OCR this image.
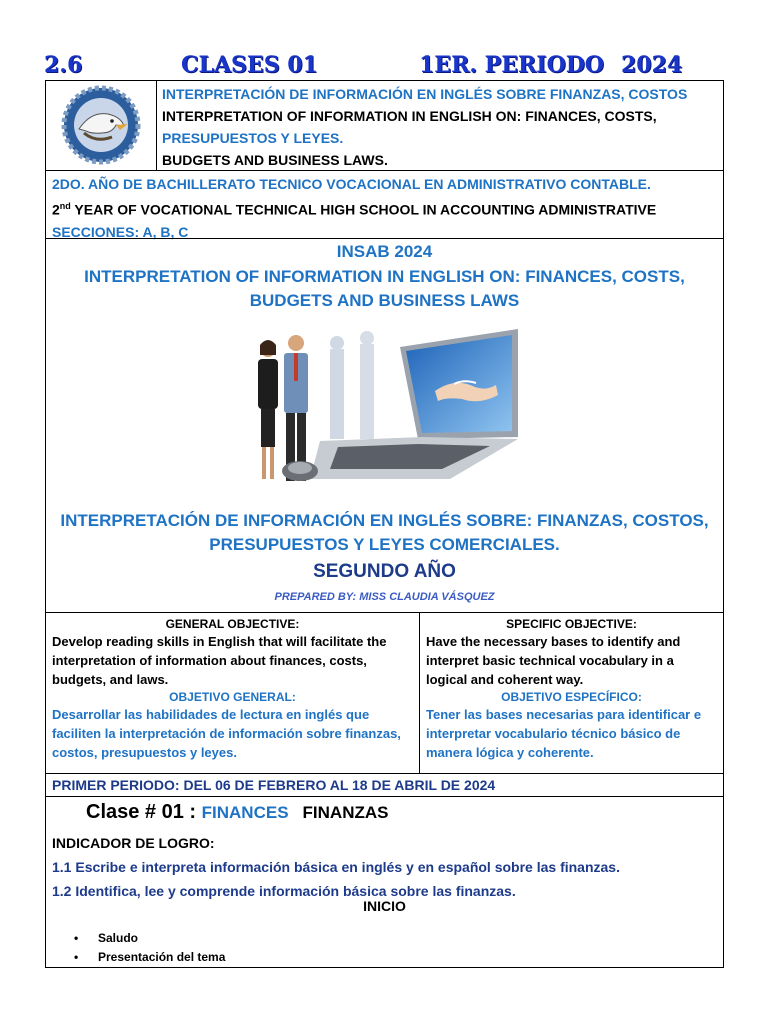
2.6	CLASES 01	1ER. PERIODO 2024
INTERPRETACIÓN DE INFORMACIÓN EN INGLÉS SOBRE FINANZAS, COSTOS
INTERPRETATION OF INFORMATION IN ENGLISH ON: FINANCES, COSTS,
PRESUPUESTOS Y LEYES.
BUDGETS AND BUSINESS LAWS.
2DO. AÑO DE BACHILLERATO TECNICO VOCACIONAL EN ADMINISTRATIVO CONTABLE.
2nd YEAR OF VOCATIONAL TECHNICAL HIGH SCHOOL IN ACCOUNTING ADMINISTRATIVE
SECCIONES: A, B, C
INSAB 2024
INTERPRETATION OF INFORMATION IN ENGLISH ON: FINANCES, COSTS,
BUDGETS AND BUSINESS LAWS
INTERPRETACIÓN DE INFORMACIÓN EN INGLÉS SOBRE: FINANZAS, COSTOS,
PRESUPUESTOS Y LEYES COMERCIALES.
SEGUNDO AÑO
PREPARED BY: MISS CLAUDIA VÁSQUEZ
GENERAL OBJECTIVE:
Develop reading skills in English that will facilitate the
interpretation of information about finances, costs,
budgets, and laws.
OBJETIVO GENERAL:
Desarrollar las habilidades de lectura en inglés que
faciliten la interpretación de información sobre finanzas,
costos, presupuestos y leyes.
SPECIFIC OBJECTIVE:
Have the necessary bases to identify and
interpret basic technical vocabulary in a
logical and coherent way.
OBJETIVO ESPECÍFICO:
Tener las bases necesarias para identificar e
interpretar vocabulario técnico básico de
manera lógica y coherente.
PRIMER PERIODO: DEL 06 DE FEBRERO AL 18 DE ABRIL DE 2024
Clase # 01 : FINANCES FINANZAS
INDICADOR DE LOGRO:
1.1 Escribe e interpreta información básica en inglés y en español sobre las finanzas.
1.2 Identifica, lee y comprende información básica sobre las finanzas.
INICIO
• Saludo
• Presentación del tema
